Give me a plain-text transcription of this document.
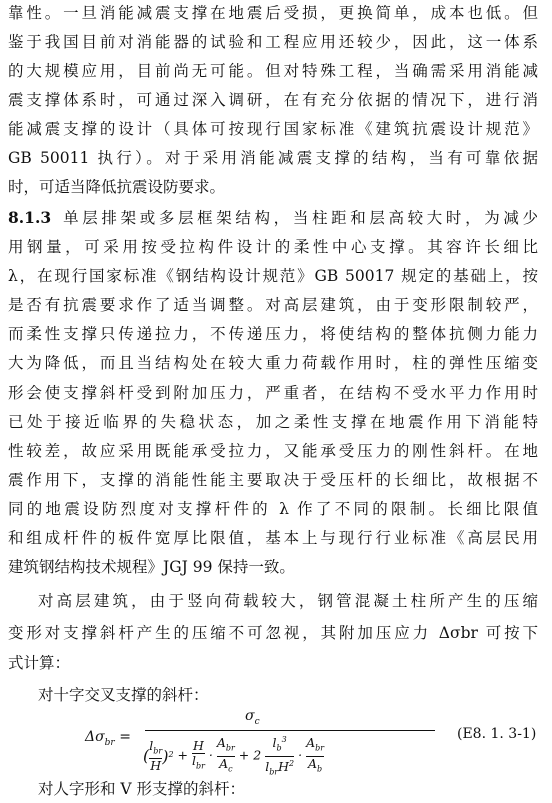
靠性。一旦消能减震支撑在地震后受损，更换简单，成本也低。但
鉴于我国目前对消能器的试验和工程应用还较少，因此，这一体系
的大规模应用，目前尚无可能。但对特殊工程，当确需采用消能减
震支撑体系时，可通过深入调研，在有充分依据的情况下，进行消
能减震支撑的设计（具体可按现行国家标准《建筑抗震设计规范》
GB 50011 执行）。对于采用消能减震支撑的结构，当有可靠依据
时，可适当降低抗震设防要求。
8.1.3 单层排架或多层框架结构，当柱距和层高较大时，为减少
用钢量，可采用按受拉构件设计的柔性中心支撑。其容许长细比
λ，在现行国家标准《钢结构设计规范》GB 50017 规定的基础上，按
是否有抗震要求作了适当调整。对高层建筑，由于变形限制较严，
而柔性支撑只传递拉力，不传递压力，将使结构的整体抗侧力能力
大为降低，而且当结构处在较大重力荷载作用时，柱的弹性压缩变
形会使支撑斜杆受到附加压力，严重者，在结构不受水平力作用时
已处于接近临界的失稳状态，加之柔性支撑在地震作用下消能特
性较差，故应采用既能承受拉力，又能承受压力的刚性斜杆。在地
震作用下，支撑的消能性能主要取决于受压杆的长细比，故根据不
同的地震设防烈度对支撑杆件的 λ 作了不同的限制。长细比限值
和组成杆件的板件宽厚比限值，基本上与现行行业标准《高层民用
建筑钢结构技术规程》JGJ 99 保持一致。
对高层建筑，由于竖向荷载较大，钢管混凝土柱所产生的压缩
变形对支撑斜杆产生的压缩不可忽视，其附加压应力 Δσbr 可按下
式计算：
对十字交叉支撑的斜杆：
对人字形和 V 形支撑的斜杆：
$\Delta\sigma_{br}$ =
$\sigma_c$
(
$l_{br}$
H
)$^2$ +
H
$l_{br}$
·
$A_{br}$
$A_c$
+ 2
$l_b^3$
$l_{br}H^2$
·
$A_{br}$
$A_b$
(E8. 1. 3-1)
